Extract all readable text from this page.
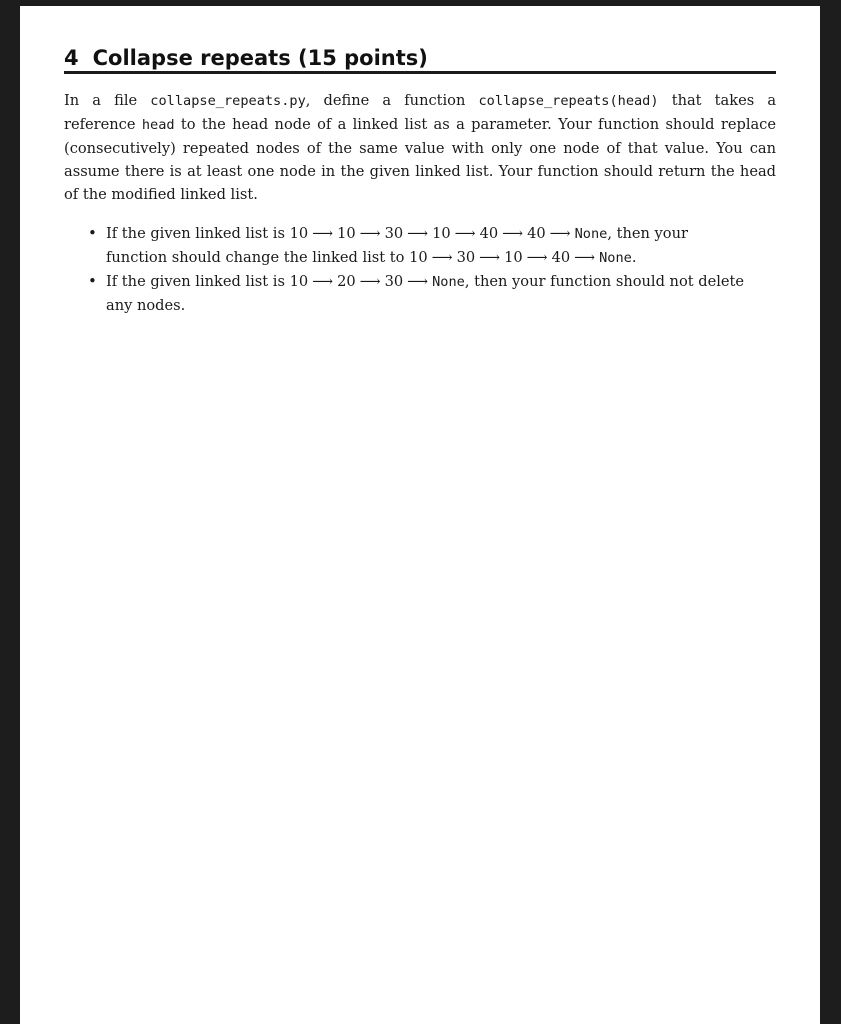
4 Collapse repeats (15 points)
In a file collapse_repeats.py, define a function collapse_repeats(head) that takes a
reference head to the head node of a linked list as a parameter. Your function should replace
(consecutively) repeated nodes of the same value with only one node of that value. You can
assume there is at least one node in the given linked list. Your function should return the head
of the modified linked list.
• If the given linked list is 10 ⟶ 10 ⟶ 30 ⟶ 10 ⟶ 40 ⟶ 40 ⟶ None, then your
function should change the linked list to 10 ⟶ 30 ⟶ 10 ⟶ 40 ⟶ None.
• If the given linked list is 10 ⟶ 20 ⟶ 30 ⟶ None, then your function should not delete
any nodes.
